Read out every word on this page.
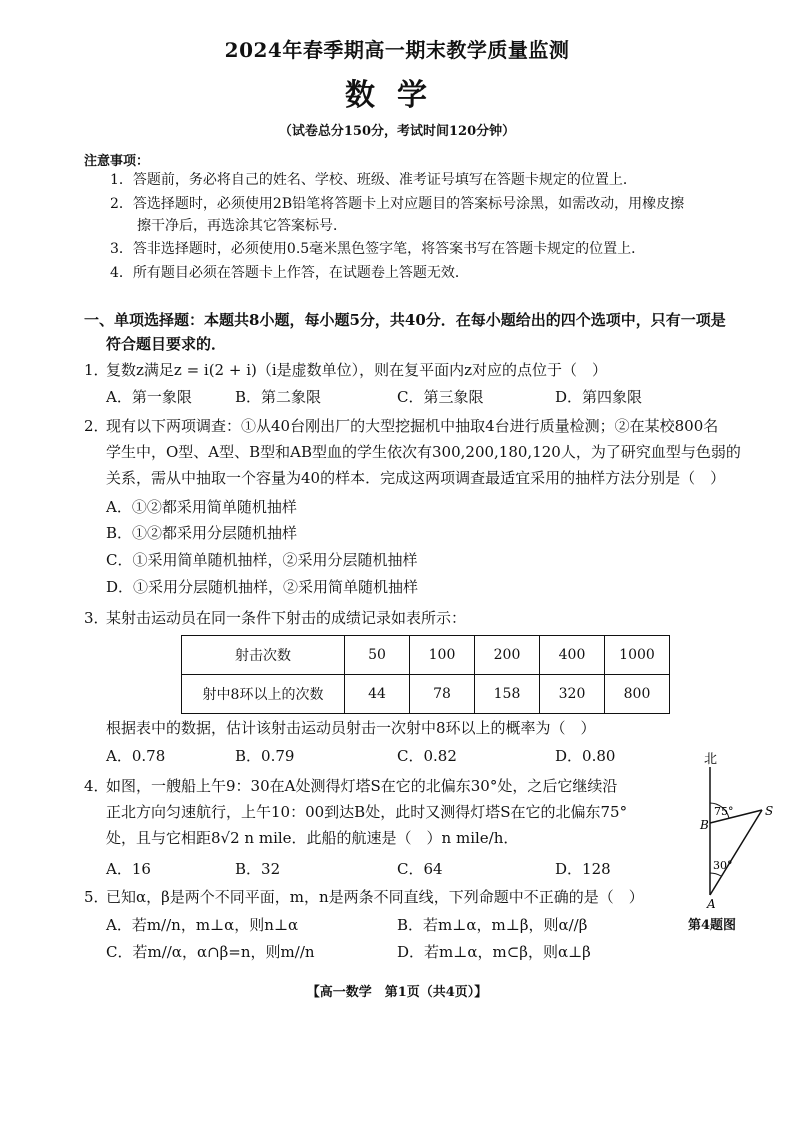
2024年春季期高一期末教学质量监测
数学
（试卷总分150分，考试时间120分钟）
注意事项：
1．答题前，务必将自己的姓名、学校、班级、准考证号填写在答题卡规定的位置上．
2．答选择题时，必须使用2B铅笔将答题卡上对应题目的答案标号涂黑，如需改动，用橡皮擦
擦干净后，再选涂其它答案标号．
3．答非选择题时，必须使用0.5毫米黑色签字笔，将答案书写在答题卡规定的位置上．
4．所有题目必须在答题卡上作答，在试题卷上答题无效．
一、单项选择题：本题共8小题，每小题5分，共40分．在每小题给出的四个选项中，只有一项是
符合题目要求的．
1．复数z满足z = i(2 + i)（i是虚数单位），则在复平面内z对应的点位于（　）
A．第一象限	B．第二象限	C．第三象限	D．第四象限
2．现有以下两项调查：①从40台刚出厂的大型挖掘机中抽取4台进行质量检测；②在某校800名
学生中，O型、A型、B型和AB型血的学生依次有300,200,180,120人，为了研究血型与色弱的
关系，需从中抽取一个容量为40的样本．完成这两项调查最适宜采用的抽样方法分别是（　）
A．①②都采用简单随机抽样
B．①②都采用分层随机抽样
C．①采用简单随机抽样，②采用分层随机抽样
D．①采用分层随机抽样，②采用简单随机抽样
3．某射击运动员在同一条件下射击的成绩记录如表所示：
射击次数	50	100	200	400	1000
射中8环以上的次数	44	78	158	320	800
根据表中的数据，估计该射击运动员射击一次射中8环以上的概率为（　）
A．0.78	B．0.79	C．0.82	D．0.80
4．如图，一艘船上午9：30在A处测得灯塔S在它的北偏东30°处，之后它继续沿
正北方向匀速航行，上午10：00到达B处，此时又测得灯塔S在它的北偏东75°
处，且与它相距8√2 n mile．此船的航速是（　）n mile/h．
A．16	B．32	C．64	D．128
北
75°
30°
B
S
A
第4题图
5．已知α，β是两个不同平面，m，n是两条不同直线，下列命题中不正确的是（　）
A．若m//n，m⊥α，则n⊥α	B．若m⊥α，m⊥β，则α//β
C．若m//α，α∩β=n，则m//n	D．若m⊥α，m⊂β，则α⊥β
【高一数学　第1页（共4页）】
